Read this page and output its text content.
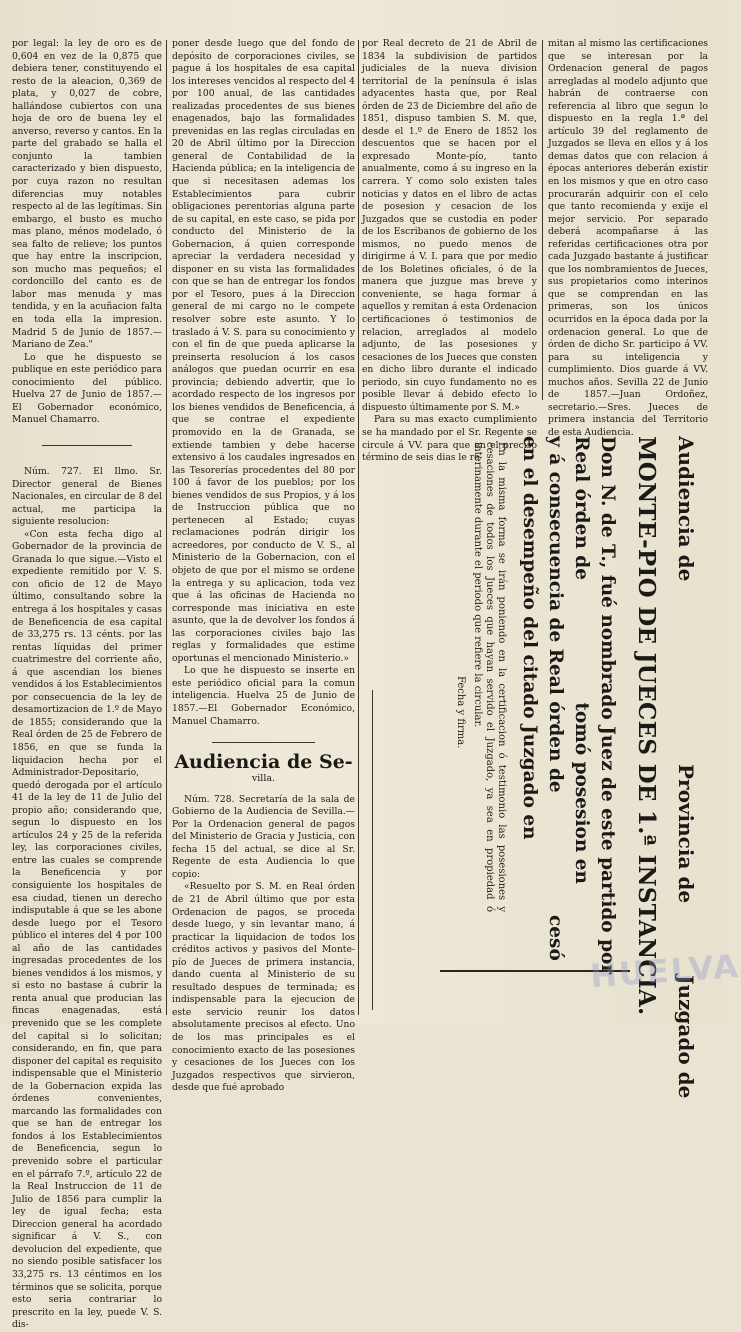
por legal: la ley de oro es de 0,604 en vez de la 0,875 que debiera tener, constituyendo el resto de la aleacion, 0,369 de plata, y 0,027 de cobre, hallándose cubiertos con una hoja de oro de buena ley el anverso, reverso y cantos. En la parte del grabado se halla el conjunto la tambien caracterizado y bien dispuesto, por cuya razon no resultan diferencias muy notables respecto al de las legítimas. Sin embargo, el busto es mucho mas plano, ménos modelado, ó sea falto de relieve; los puntos que hay entre la inscripcion, son mucho mas pequeños; el cordoncillo del canto es de labor mas menuda y mas tendida, y en la acuñacion falta en toda ella la impresion. Madrid 5 de Junio de 1857.—Mariano de Zea."

Lo que he dispuesto se publique en este periódico para conocimiento del público. Huelva 27 de Junio de 1857.—El Gobernador económico, Manuel Chamarro.

Núm. 727. El Ilmo. Sr. Director general de Bienes Nacionales, en circular de 8 del actual, me participa la siguiente resolucion:

«Con esta fecha digo al Gobernador de la provincia de Granada lo que sigue.—Visto el expediente remitido por V. S. con oficio de 12 de Mayo último, consultando sobre la entrega á los hospitales y casas de Beneficencia de esa capital de 33,275 rs. 13 cénts. por las rentas líquidas del primer cuatrimestre del corriente año, á que ascendian los bienes vendidos á los Establecimientos por consecuencia de la ley de desamortizacion de 1.º de Mayo de 1855; considerando que la Real órden de 25 de Febrero de 1856, en que se funda la liquidacion hecha por el Administrador-Depositario, quedó derogada por el artículo 41 de la ley de 11 de Julio del propio año; considerando que, segun lo dispuesto en los artículos 24 y 25 de la referida ley, las corporaciones civiles, entre las cuales se comprende la Beneficencia y por consiguiente los hospitales de esa ciudad, tienen un derecho indisputable á que se les abone desde luego por el Tesoro público el interes del 4 por 100 al año de las cantidades ingresadas procedentes de los bienes vendidos á los mismos, y si esto no bastase á cubrir la renta anual que producian las fincas enagenadas, está prevenido que se les complete del capital si lo solicitan; considerando, en fin, que para disponer del capital es requisito indispensable que el Ministerio de la Gobernacion expida las órdenes convenientes, marcando las formalidades con que se han de entregar los fondos á los Establecimientos de Beneficencia, segun lo prevenido sobre el particular en el párrafo 7.º, artículo 22 de la Real Instruccion de 11 de Julio de 1856 para cumplir la ley de igual fecha; esta Direccion general ha acordado significar á V. S., con devolucion del expediente, que no siendo posible satisfacer los 33,275 rs. 13 céntimos en los términos que se solicita, porque esto seria contrariar lo prescrito en la ley, puede V. S. dis-

poner desde luego que del fondo de depósito de corporaciones civiles, se pague á los hospitales de esa capital los intereses vencidos al respecto del 4 por 100 anual, de las cantidades realizadas procedentes de sus bienes enagenados, bajo las formalidades prevenidas en las reglas circuladas en 20 de Abril último por la Direccion general de Contabilidad de la Hacienda pública; en la inteligencia de que si necesitasen ademas los Establecimientos para cubrir obligaciones perentorias alguna parte de su capital, en este caso, se pida por conducto del Ministerio de la Gobernacion, á quien corresponde apreciar la verdadera necesidad y disponer en su vista las formalidades con que se han de entregar los fondos por el Tesoro, pues á la Direccion general de mi cargo no le compete resolver sobre este asunto. Y lo traslado á V. S. para su conocimiento y con el fin de que pueda aplicarse la preinserta resolucion á los casos análogos que puedan ocurrir en esa provincia; debiendo advertir, que lo acordado respecto de los ingresos por los bienes vendidos de Beneficencia, á que se contrae el expediente promovido en la de Granada, se extiende tambien y debe hacerse extensivo á los caudales ingresados en las Tesorerías procedentes del 80 por 100 á favor de los pueblos; por los bienes vendidos de sus Propios, y á los de Instruccion pública que no pertenecen al Estado; cuyas reclamaciones podrán dirigir los acreedores, por conducto de V. S., al Ministerio de la Gobernacion, con el objeto de que por el mismo se ordene la entrega y su aplicacion, toda vez que á las oficinas de Hacienda no corresponde mas iniciativa en este asunto, que la de devolver los fondos á las corporaciones civiles bajo las reglas y formalidades que estime oportunas el mencionado Ministerio.»

Lo que he dispuesto se inserte en este periódico oficial para la comun inteligencia. Huelva 25 de Junio de 1857.—El Gobernador Económico, Manuel Chamarro.

Audiencia de Se-
villa.

Núm. 728. Secretaría de la sala de Gobierno de la Audiencia de Sevilla.—Por la Ordenacion general de pagos del Ministerio de Gracia y Justicia, con fecha 15 del actual, se dice al Sr. Regente de esta Audiencia lo que copio:

«Resuelto por S. M. en Real órden de 21 de Abril último que por esta Ordenacion de pagos, se proceda desde luego, y sin levantar mano, á practicar la liquidacion de todos los créditos activos y pasivos del Monte-pío de Jueces de primera instancia, dando cuenta al Ministerio de su resultado despues de terminada; es indispensable para la ejecucion de este servicio reunir los datos absolutamente precisos al efecto. Uno de los mas principales es el conocimiento exacto de las posesiones y cesaciones de los Jueces con los Juzgados respectivos que sirvieron, desde que fué aprobado

por Real decreto de 21 de Abril de 1834 la subdivision de partidos judiciales de la nueva division territorial de la península é islas adyacentes hasta que, por Real órden de 23 de Diciembre del año de 1851, dispuso tambien S. M. que, desde el 1.º de Enero de 1852 los descuentos que se hacen por el expresado Monte-pío, tanto anualmente, como á su ingreso en la carrera. Y como solo existen tales noticias y datos en el libro de actas de posesion y cesacion de los Juzgados que se custodia en poder de los Escribanos de gobierno de los mismos, no puedo menos de dirigirme á V. I. para que por medio de los Boletines oficiales, ó de la manera que juzgue mas breve y conveniente, se haga formar á aquellos y remitan á esta Ordenacion certificaciones ó testimonios de relacion, arreglados al modelo adjunto, de las posesiones y cesaciones de los Jueces que consten en dicho libro durante el indicado periodo, sin cuyo fundamento no es posible llevar á debido efecto lo dispuesto últimamente por S. M.»

Para su mas exacto cumplimiento se ha mandado por el Sr. Regente se circule á VV. para que en el preciso término de seis dias le re-

mitan al mismo las certificaciones que se interesan por la Ordenacion general de pagos arregladas al modelo adjunto que habrán de contraerse con referencia al libro que segun lo dispuesto en la regla 1.ª del artículo 39 del reglamento de Juzgados se lleva en ellos y á los demas datos que con relacion á épocas anteriores deberán existir en los mismos y que en otro caso procurarán adquirir con el celo que tanto recomienda y exije el mejor servicio. Por separado deberá acompañarse á las referidas certificaciones otra por cada Juzgado bastante á justificar que los nombramientos de Jueces, sus propietarios como interinos que se comprendan en las primeras, son los únicos ocurridos en la época dada por la ordenacion general. Lo que de órden de dicho Sr. participo á VV. para su inteligencia y cumplimiento. Dios guarde á VV. muchos años. Sevilla 22 de Junio de 1857.—Juan Ordoñez, secretario.—Sres. Jueces de primera instancia del Territorio de esta Audiencia.

Audiencia de
Provincia de  Juzgado de
MONTE-PIO DE JUECES DE 1.ª INSTANCIA.
Don N. de T., fué nombrado Juez de este partido por
Real órden de                   tomó posesion en
y á consecuencia de Real órden de                   cesó
en el desempeño del citado Juzgado en
En la misma forma se irán poniendo en la certificacion ó testimonio las posesiones y cesaciones de todos los Jueces que hayan servido el Juzgado, ya sea en propiedad ó interinamente durante el periodo que refiere la circular.
Fecha y firma.
HUELVA
